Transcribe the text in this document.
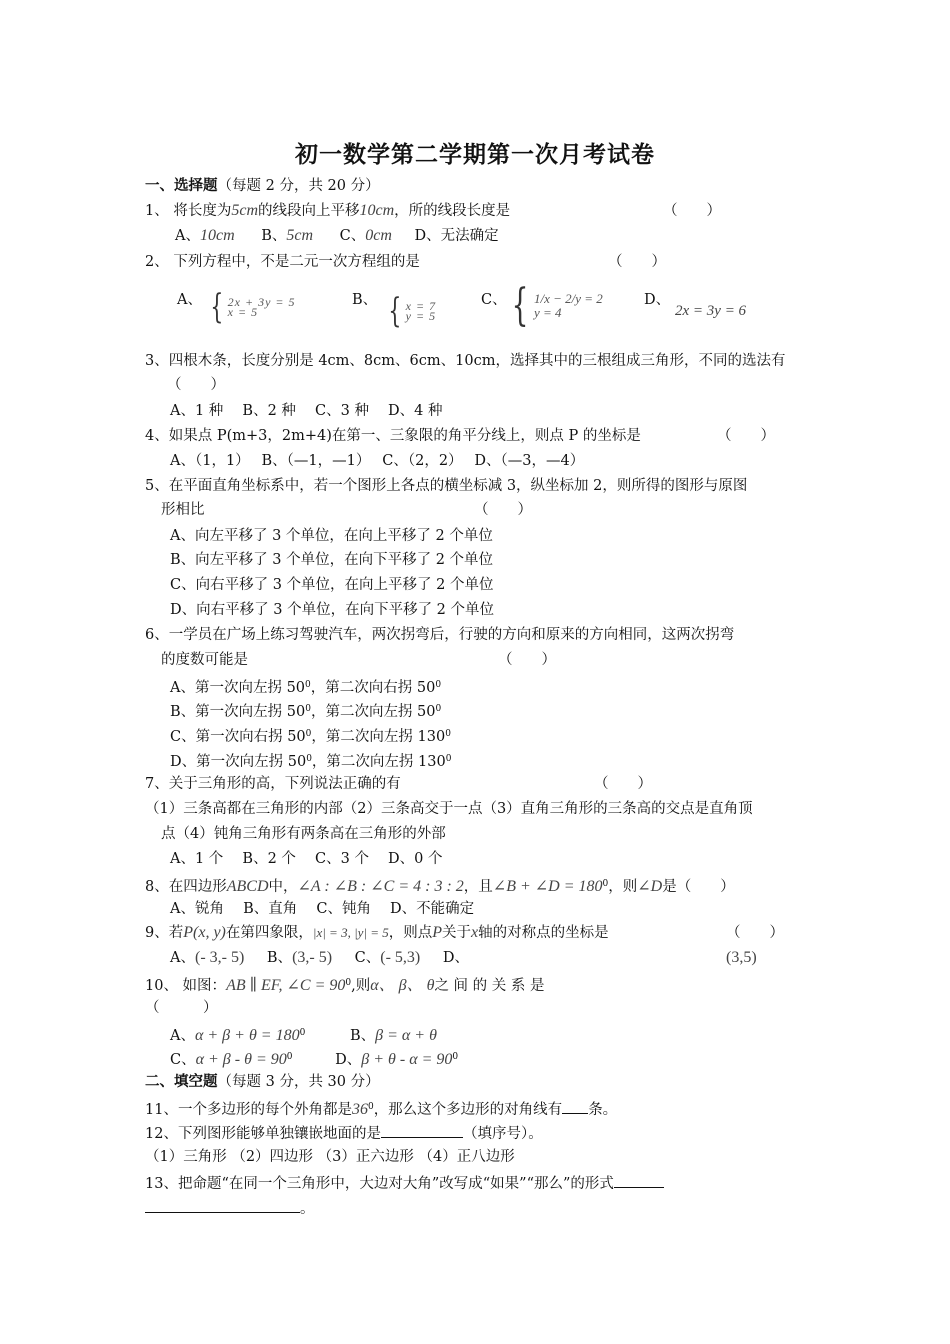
初一数学第二学期第一次月考试卷
一、选择题（每题 2 分，共 20 分）
1、 将长度为5cm的线段向上平移10cm，所的线段长度是	（　　）
A、10cm B、5cm C、0cm D、无法确定
2、 下列方程中，不是二元一次方程组的是	（　　）
A、 { 2x + 3y = 5
x = 5
B、 { x = 7
y = 5
C、 { 1/x − 2/y = 2
y = 4
D、
2x = 3y = 6
3、四根木条，长度分别是 4cm、8cm、6cm、10cm，选择其中的三根组成三角形，不同的选法有
（　　）
A、1 种　 B、2 种　 C、3 种　 D、4 种
4、如果点 P(m+3，2m+4)在第一、三象限的角平分线上，则点 P 的坐标是	（　　）
A、（1，1）　 B、（—1，—1）　 C、（2，2）　 D、（—3，—4）
5、在平面直角坐标系中，若一个图形上各点的横坐标减 3，纵坐标加 2，则所得的图形与原图
形相比	（　　）
A、向左平移了 3 个单位，在向上平移了 2 个单位
B、向左平移了 3 个单位，在向下平移了 2 个单位
C、向右平移了 3 个单位，在向上平移了 2 个单位
D、向右平移了 3 个单位，在向下平移了 2 个单位
6、一学员在广场上练习驾驶汽车，两次拐弯后，行驶的方向和原来的方向相同，这两次拐弯
的度数可能是	（　　）
A、第一次向左拐 $50^0$，第二次向右拐 $50^0$
B、第一次向左拐 $50^0$，第二次向左拐 $50^0$
C、第一次向右拐 $50^0$，第二次向左拐 $130^0$
D、第一次向左拐 $50^0$，第二次向左拐 $130^0$
7、关于三角形的高，下列说法正确的有	（　　）
（1）三条高都在三角形的内部（2）三条高交于一点（3）直角三角形的三条高的交点是直角顶
点（4）钝角三角形有两条高在三角形的外部
A、1 个　 B、2 个　 C、3 个　 D、0 个
8、在四边形ABCD中，∠A : ∠B : ∠C = 4 : 3 : 2，且∠B + ∠D = $180^0$，则∠D是（　　）
A、锐角　 B、直角　 C、钝角　 D、不能确定
9、若P(x, y)在第四象限，|x| = 3, |y| = 5，则点P关于x轴的对称点的坐标是	（　　）
A、(- 3,- 5) B、(3,- 5) C、(- 5,3) D、	(3,5)
10、 如图：AB ∥ EF, ∠C = $90^0$,则α、 β、 θ之 间 的 关 系 是
（　　　）
A、$\alpha + \beta + \theta = 180^0$	B、β = α + θ
C、$\alpha + \beta - \theta = 90^0$	D、$\beta + \theta - \alpha = 90^0$
二、填空题（每题 3 分，共 30 分）
11、一个多边形的每个外角都是$36^0$，那么这个多边形的对角线有 条。
12、下列图形能够单独镶嵌地面的是	（填序号）。
（1）三角形 （2）四边形 （3）正六边形 （4）正八边形
13、把命题“在同一个三角形中，大边对大角”改写成“如果”“那么”的形式
。
